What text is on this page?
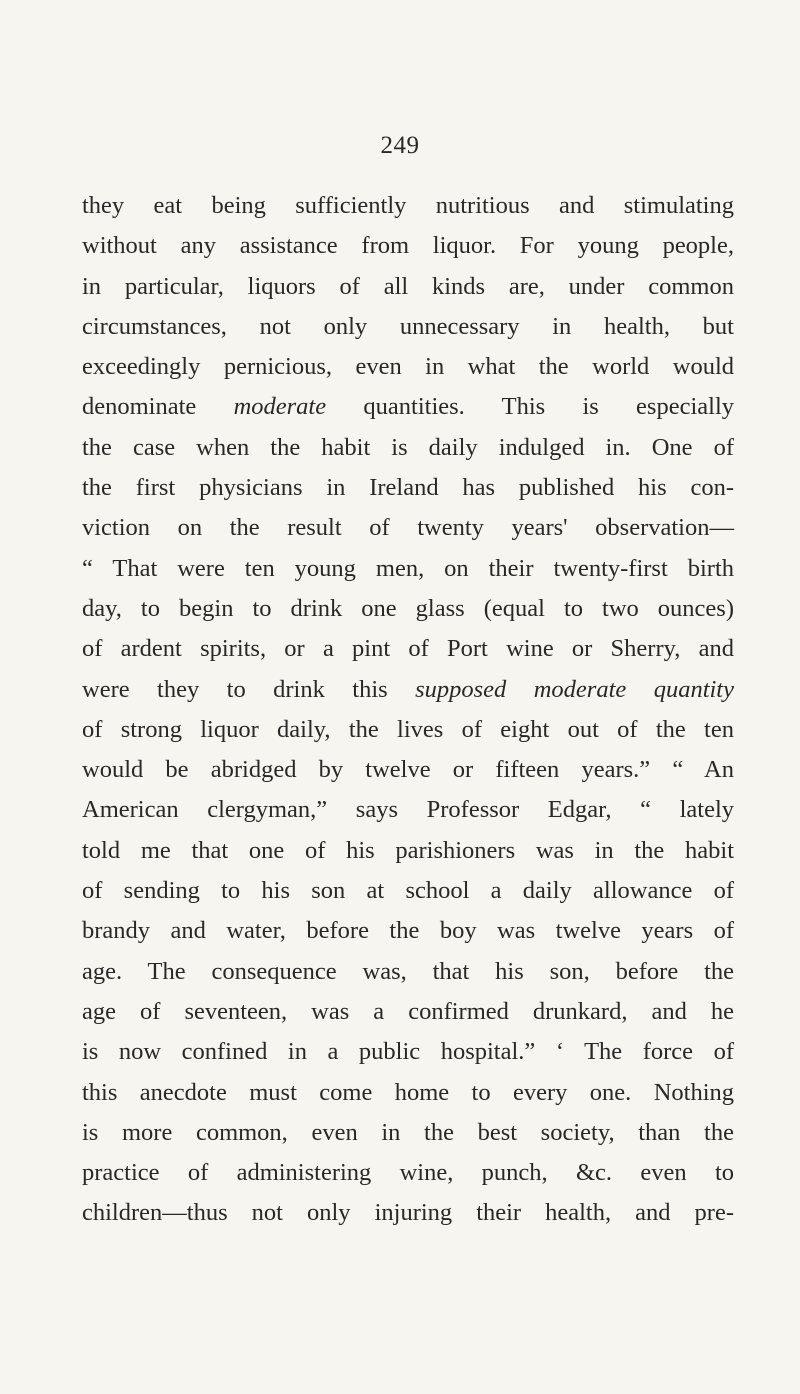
249
they eat being sufficiently nutritious and stimulating
without any assistance from liquor. For young people,
in particular, liquors of all kinds are, under common
circumstances, not only unnecessary in health, but
exceedingly pernicious, even in what the world would
denominate moderate quantities. This is especially
the case when the habit is daily indulged in. One of
the first physicians in Ireland has published his con-
viction on the result of twenty years' observation—
“ That were ten young men, on their twenty-first birth
day, to begin to drink one glass (equal to two ounces)
of ardent spirits, or a pint of Port wine or Sherry, and
were they to drink this supposed moderate quantity
of strong liquor daily, the lives of eight out of the ten
would be abridged by twelve or fifteen years.” “ An
American clergyman,” says Professor Edgar, “ lately
told me that one of his parishioners was in the habit
of sending to his son at school a daily allowance of
brandy and water, before the boy was twelve years of
age. The consequence was, that his son, before the
age of seventeen, was a confirmed drunkard, and he
is now confined in a public hospital.” ‘ The force of
this anecdote must come home to every one. Nothing
is more common, even in the best society, than the
practice of administering wine, punch, &c. even to
children—thus not only injuring their health, and pre-
